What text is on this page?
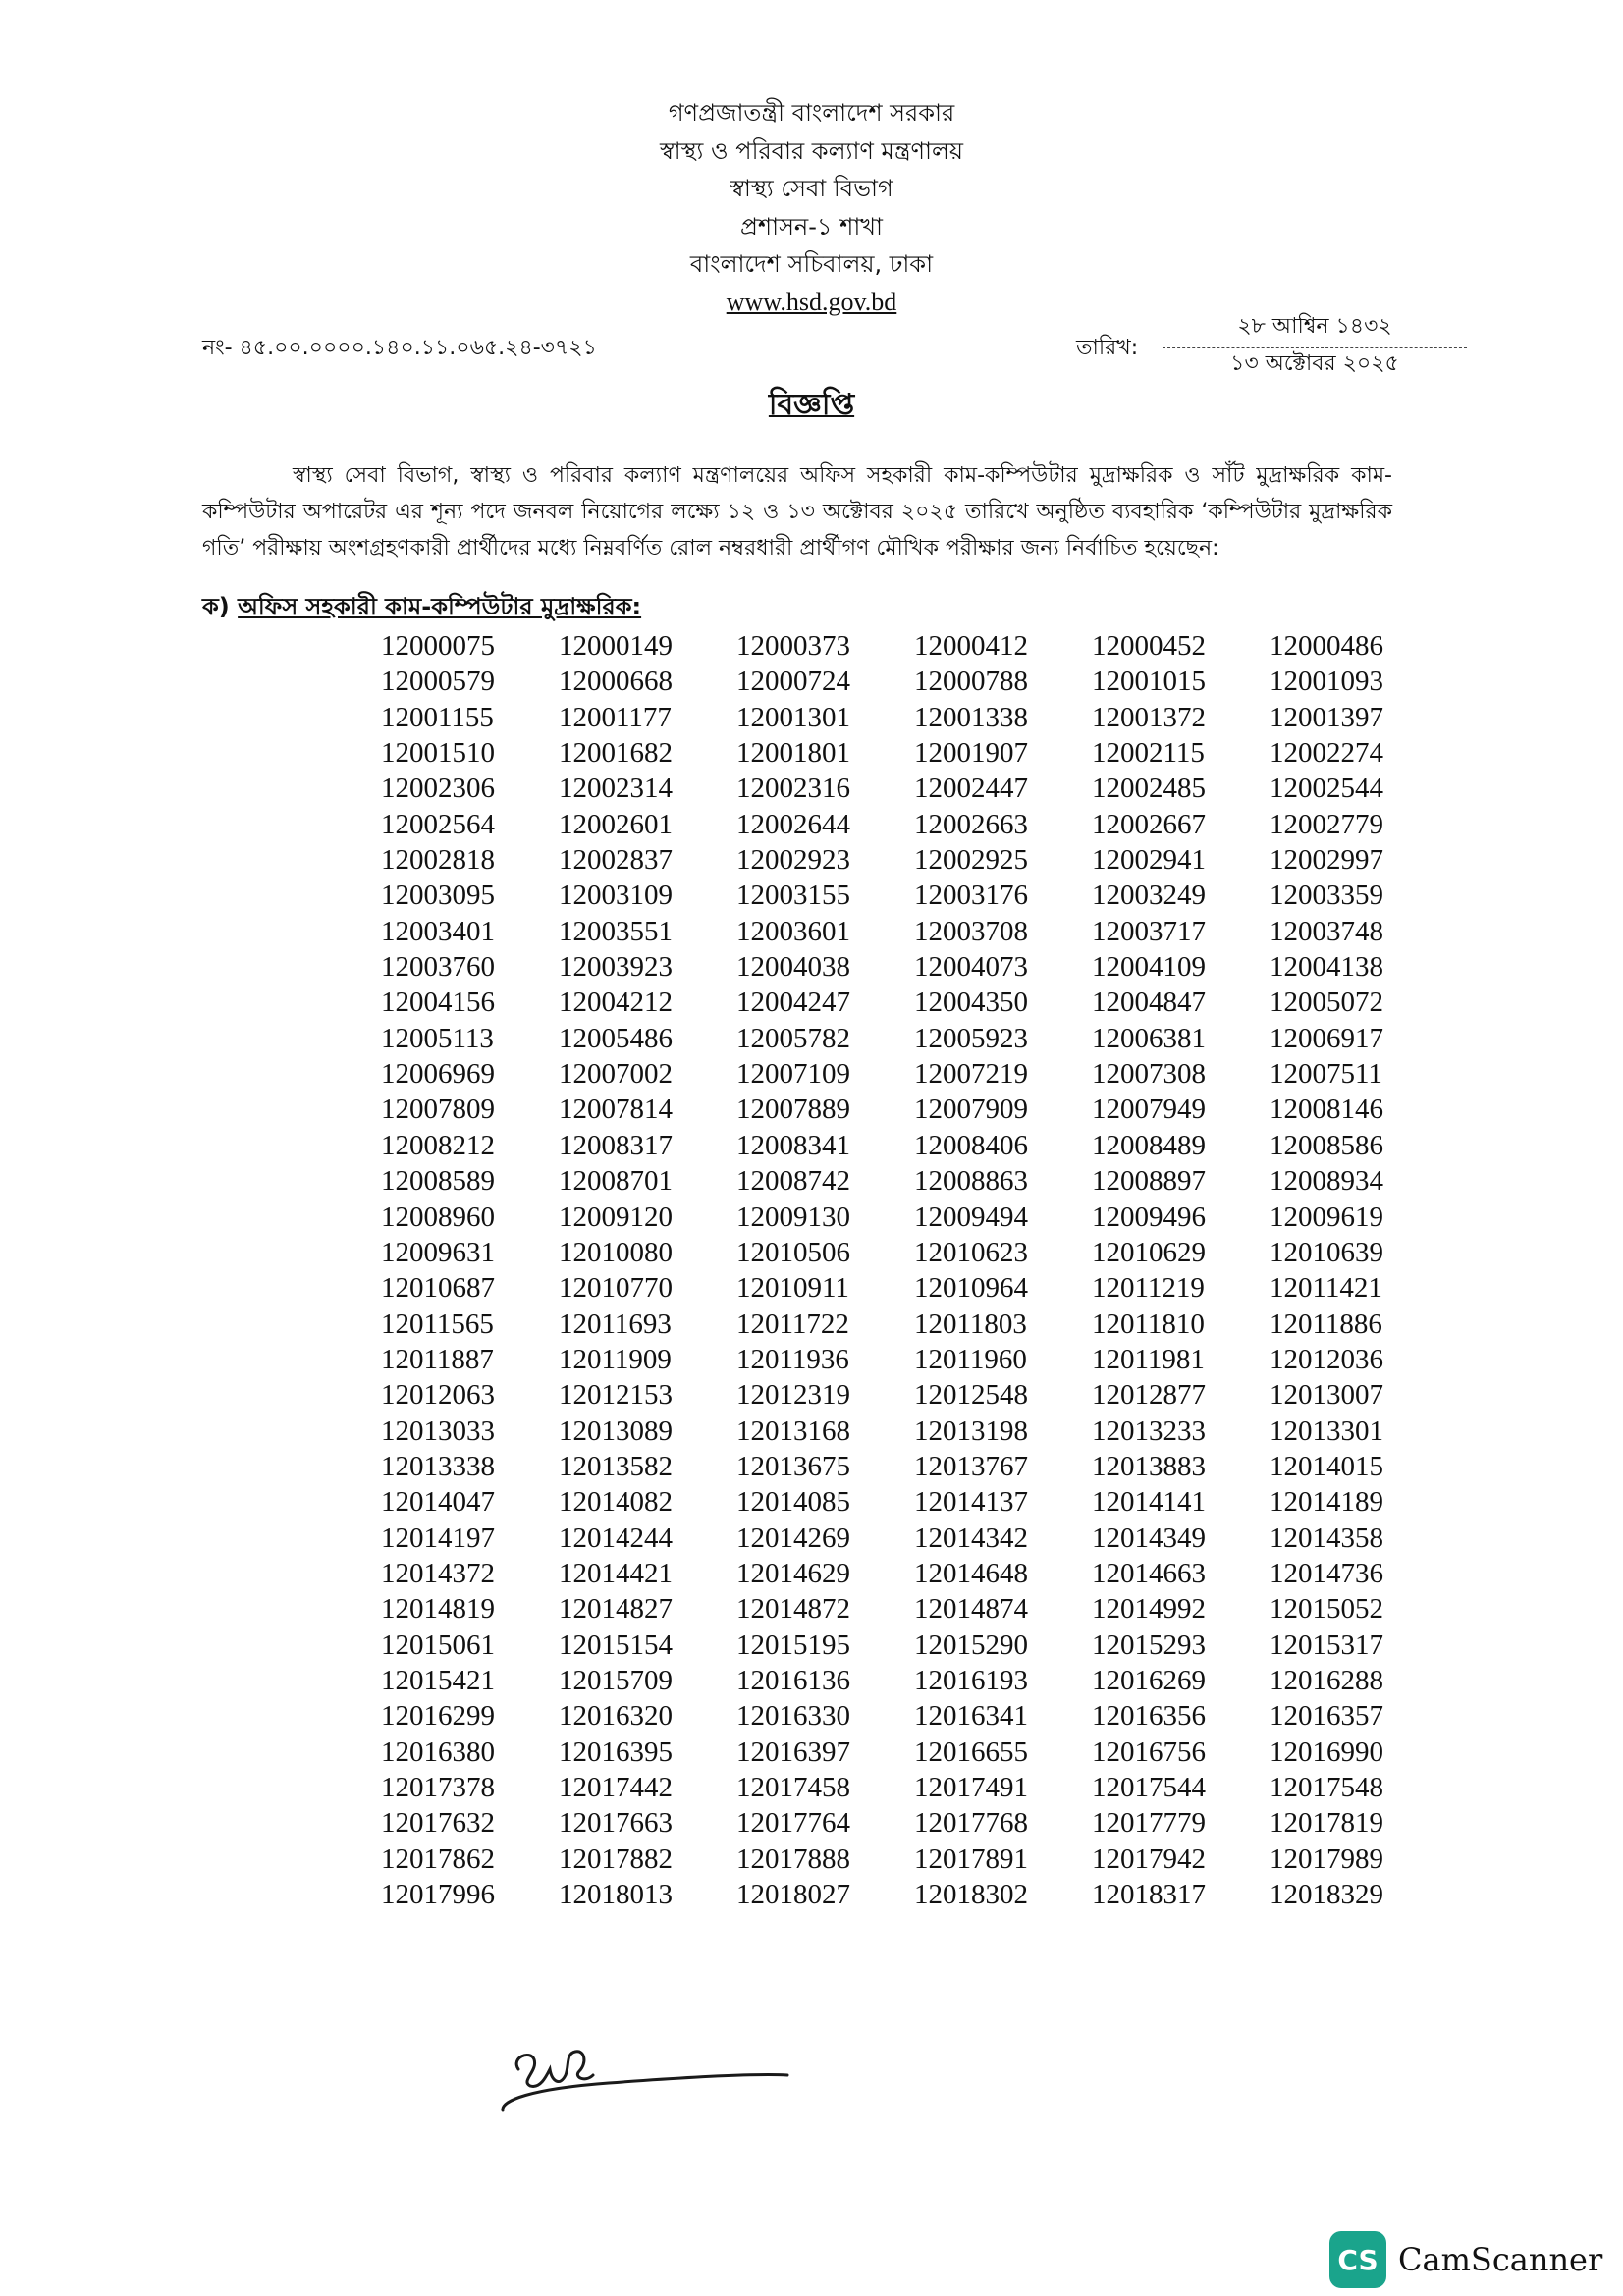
গণপ্রজাতন্ত্রী বাংলাদেশ সরকার
স্বাস্থ্য ও পরিবার কল্যাণ মন্ত্রণালয়
স্বাস্থ্য সেবা বিভাগ
প্রশাসন-১ শাখা
বাংলাদেশ সচিবালয়, ঢাকা
www.hsd.gov.bd
নং- ৪৫.০০.০০০০.১৪০.১১.০৬৫.২৪-৩৭২১	তারিখ:
২৮ আশ্বিন ১৪৩২
১৩ অক্টোবর ২০২৫
বিজ্ঞপ্তি
স্বাস্থ্য সেবা বিভাগ, স্বাস্থ্য ও পরিবার কল্যাণ মন্ত্রণালয়ের অফিস সহকারী কাম-কম্পিউটার মুদ্রাক্ষরিক ও সাঁট মুদ্রাক্ষরিক কাম-কম্পিউটার অপারেটর এর শূন্য পদে জনবল নিয়োগের লক্ষ্যে ১২ ও ১৩ অক্টোবর ২০২৫ তারিখে অনুষ্ঠিত ব্যবহারিক ‘কম্পিউটার মুদ্রাক্ষরিক গতি’ পরীক্ষায় অংশগ্রহণকারী প্রার্থীদের মধ্যে নিম্নবর্ণিত রোল নম্বরধারী প্রার্থীগণ মৌখিক পরীক্ষার জন্য নির্বাচিত হয়েছেন:
ক) অফিস সহকারী কাম-কম্পিউটার মুদ্রাক্ষরিক:
12000075	12000149	12000373	12000412	12000452	12000486
12000579	12000668	12000724	12000788	12001015	12001093
12001155	12001177	12001301	12001338	12001372	12001397
12001510	12001682	12001801	12001907	12002115	12002274
12002306	12002314	12002316	12002447	12002485	12002544
12002564	12002601	12002644	12002663	12002667	12002779
12002818	12002837	12002923	12002925	12002941	12002997
12003095	12003109	12003155	12003176	12003249	12003359
12003401	12003551	12003601	12003708	12003717	12003748
12003760	12003923	12004038	12004073	12004109	12004138
12004156	12004212	12004247	12004350	12004847	12005072
12005113	12005486	12005782	12005923	12006381	12006917
12006969	12007002	12007109	12007219	12007308	12007511
12007809	12007814	12007889	12007909	12007949	12008146
12008212	12008317	12008341	12008406	12008489	12008586
12008589	12008701	12008742	12008863	12008897	12008934
12008960	12009120	12009130	12009494	12009496	12009619
12009631	12010080	12010506	12010623	12010629	12010639
12010687	12010770	12010911	12010964	12011219	12011421
12011565	12011693	12011722	12011803	12011810	12011886
12011887	12011909	12011936	12011960	12011981	12012036
12012063	12012153	12012319	12012548	12012877	12013007
12013033	12013089	12013168	12013198	12013233	12013301
12013338	12013582	12013675	12013767	12013883	12014015
12014047	12014082	12014085	12014137	12014141	12014189
12014197	12014244	12014269	12014342	12014349	12014358
12014372	12014421	12014629	12014648	12014663	12014736
12014819	12014827	12014872	12014874	12014992	12015052
12015061	12015154	12015195	12015290	12015293	12015317
12015421	12015709	12016136	12016193	12016269	12016288
12016299	12016320	12016330	12016341	12016356	12016357
12016380	12016395	12016397	12016655	12016756	12016990
12017378	12017442	12017458	12017491	12017544	12017548
12017632	12017663	12017764	12017768	12017779	12017819
12017862	12017882	12017888	12017891	12017942	12017989
12017996	12018013	12018027	12018302	12018317	12018329
CS CamScanner
